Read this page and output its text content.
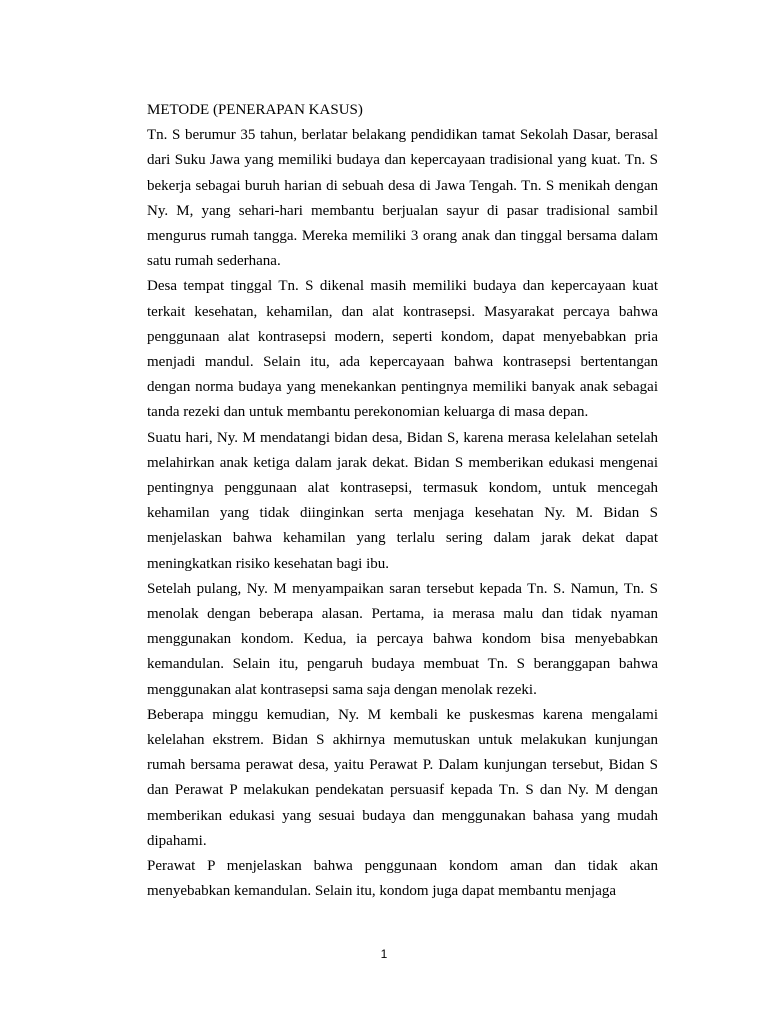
METODE (PENERAPAN KASUS)

Tn. S berumur 35 tahun, berlatar belakang pendidikan tamat Sekolah Dasar, berasal dari Suku Jawa yang memiliki budaya dan kepercayaan tradisional yang kuat. Tn. S bekerja sebagai buruh harian di sebuah desa di Jawa Tengah. Tn. S menikah dengan Ny. M, yang sehari-hari membantu berjualan sayur di pasar tradisional sambil mengurus rumah tangga. Mereka memiliki 3 orang anak dan tinggal bersama dalam satu rumah sederhana.

Desa tempat tinggal Tn. S dikenal masih memiliki budaya dan kepercayaan kuat terkait kesehatan, kehamilan, dan alat kontrasepsi. Masyarakat percaya bahwa penggunaan alat kontrasepsi modern, seperti kondom, dapat menyebabkan pria menjadi mandul. Selain itu, ada kepercayaan bahwa kontrasepsi bertentangan dengan norma budaya yang menekankan pentingnya memiliki banyak anak sebagai tanda rezeki dan untuk membantu perekonomian keluarga di masa depan.

Suatu hari, Ny. M mendatangi bidan desa, Bidan S, karena merasa kelelahan setelah melahirkan anak ketiga dalam jarak dekat. Bidan S memberikan edukasi mengenai pentingnya penggunaan alat kontrasepsi, termasuk kondom, untuk mencegah kehamilan yang tidak diinginkan serta menjaga kesehatan Ny. M. Bidan S menjelaskan bahwa kehamilan yang terlalu sering dalam jarak dekat dapat meningkatkan risiko kesehatan bagi ibu.

Setelah pulang, Ny. M menyampaikan saran tersebut kepada Tn. S. Namun, Tn. S menolak dengan beberapa alasan. Pertama, ia merasa malu dan tidak nyaman menggunakan kondom. Kedua, ia percaya bahwa kondom bisa menyebabkan kemandulan. Selain itu, pengaruh budaya membuat Tn. S beranggapan bahwa menggunakan alat kontrasepsi sama saja dengan menolak rezeki.

Beberapa minggu kemudian, Ny. M kembali ke puskesmas karena mengalami kelelahan ekstrem. Bidan S akhirnya memutuskan untuk melakukan kunjungan rumah bersama perawat desa, yaitu Perawat P. Dalam kunjungan tersebut, Bidan S dan Perawat P melakukan pendekatan persuasif kepada Tn. S dan Ny. M dengan memberikan edukasi yang sesuai budaya dan menggunakan bahasa yang mudah dipahami.

Perawat P menjelaskan bahwa penggunaan kondom aman dan tidak akan menyebabkan kemandulan. Selain itu, kondom juga dapat membantu menjaga

1
